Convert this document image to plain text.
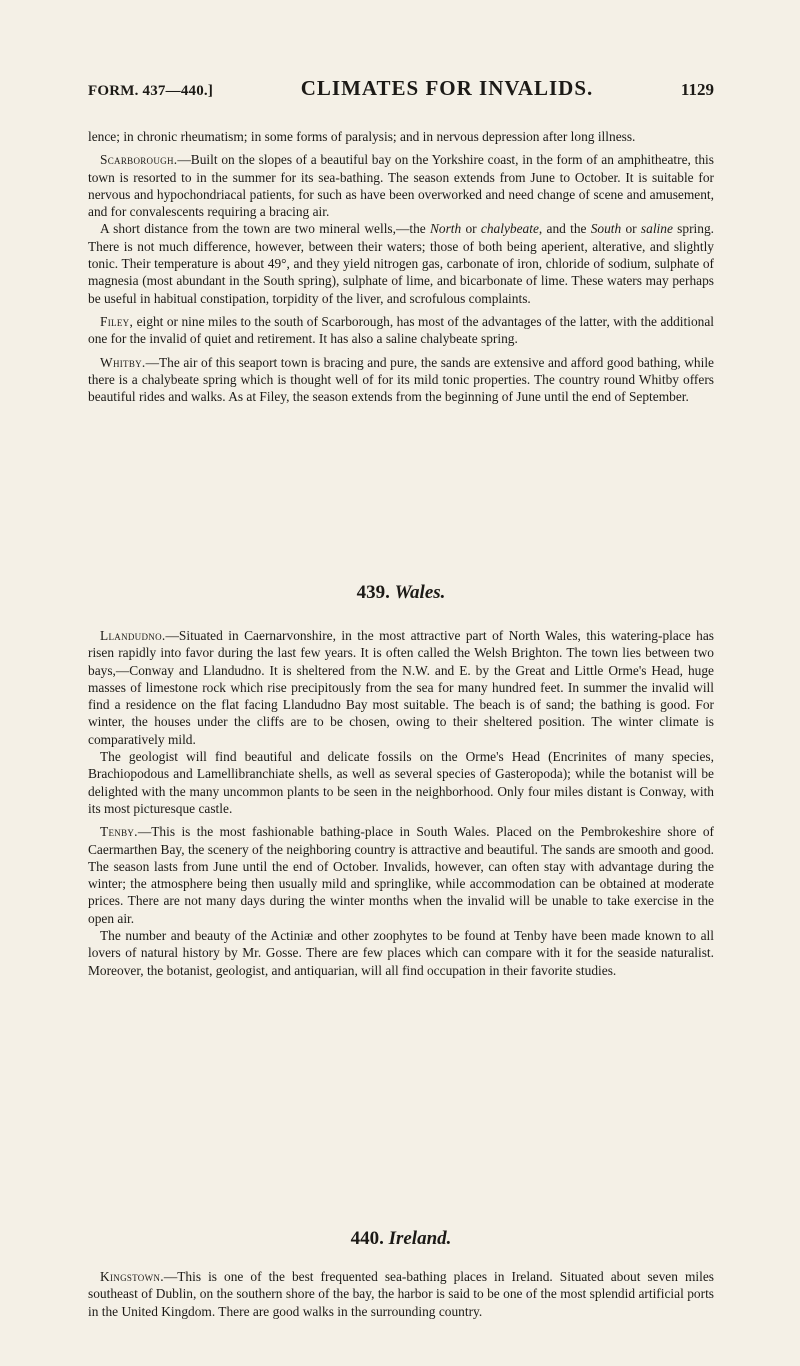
FORM. 437—440.]	CLIMATES FOR INVALIDS.	1129

lence; in chronic rheumatism; in some forms of paralysis; and in nervous depression after long illness.

Scarborough.—Built on the slopes of a beautiful bay on the Yorkshire coast, in the form of an amphitheatre, this town is resorted to in the summer for its sea-bathing. The season extends from June to October. It is suitable for nervous and hypochondriacal patients, for such as have been overworked and need change of scene and amusement, and for convalescents requiring a bracing air.

A short distance from the town are two mineral wells,—the North or chalybeate, and the South or saline spring. There is not much difference, however, between their waters; those of both being aperient, alterative, and slightly tonic. Their temperature is about 49°, and they yield nitrogen gas, carbonate of iron, chloride of sodium, sulphate of magnesia (most abundant in the South spring), sulphate of lime, and bicarbonate of lime. These waters may perhaps be useful in habitual constipation, torpidity of the liver, and scrofulous complaints.

Filey, eight or nine miles to the south of Scarborough, has most of the advantages of the latter, with the additional one for the invalid of quiet and retirement. It has also a saline chalybeate spring.

Whitby.—The air of this seaport town is bracing and pure, the sands are extensive and afford good bathing, while there is a chalybeate spring which is thought well of for its mild tonic properties. The country round Whitby offers beautiful rides and walks. As at Filey, the season extends from the beginning of June until the end of September.

439. Wales.

Llandudno.—Situated in Caernarvonshire, in the most attractive part of North Wales, this watering-place has risen rapidly into favor during the last few years. It is often called the Welsh Brighton. The town lies between two bays,—Conway and Llandudno. It is sheltered from the N.W. and E. by the Great and Little Orme's Head, huge masses of limestone rock which rise precipitously from the sea for many hundred feet. In summer the invalid will find a residence on the flat facing Llandudno Bay most suitable. The beach is of sand; the bathing is good. For winter, the houses under the cliffs are to be chosen, owing to their sheltered position. The winter climate is comparatively mild.

The geologist will find beautiful and delicate fossils on the Orme's Head (Encrinites of many species, Brachiopodous and Lamellibranchiate shells, as well as several species of Gasteropoda); while the botanist will be delighted with the many uncommon plants to be seen in the neighborhood. Only four miles distant is Conway, with its most picturesque castle.

Tenby.—This is the most fashionable bathing-place in South Wales. Placed on the Pembrokeshire shore of Caermarthen Bay, the scenery of the neighboring country is attractive and beautiful. The sands are smooth and good. The season lasts from June until the end of October. Invalids, however, can often stay with advantage during the winter; the atmosphere being then usually mild and springlike, while accommodation can be obtained at moderate prices. There are not many days during the winter months when the invalid will be unable to take exercise in the open air.

The number and beauty of the Actiniæ and other zoophytes to be found at Tenby have been made known to all lovers of natural history by Mr. Gosse. There are few places which can compare with it for the seaside naturalist. Moreover, the botanist, geologist, and antiquarian, will all find occupation in their favorite studies.

440. Ireland.

Kingstown.—This is one of the best frequented sea-bathing places in Ireland. Situated about seven miles southeast of Dublin, on the southern shore of the bay, the harbor is said to be one of the most splendid artificial ports in the United Kingdom. There are good walks in the surrounding country.
